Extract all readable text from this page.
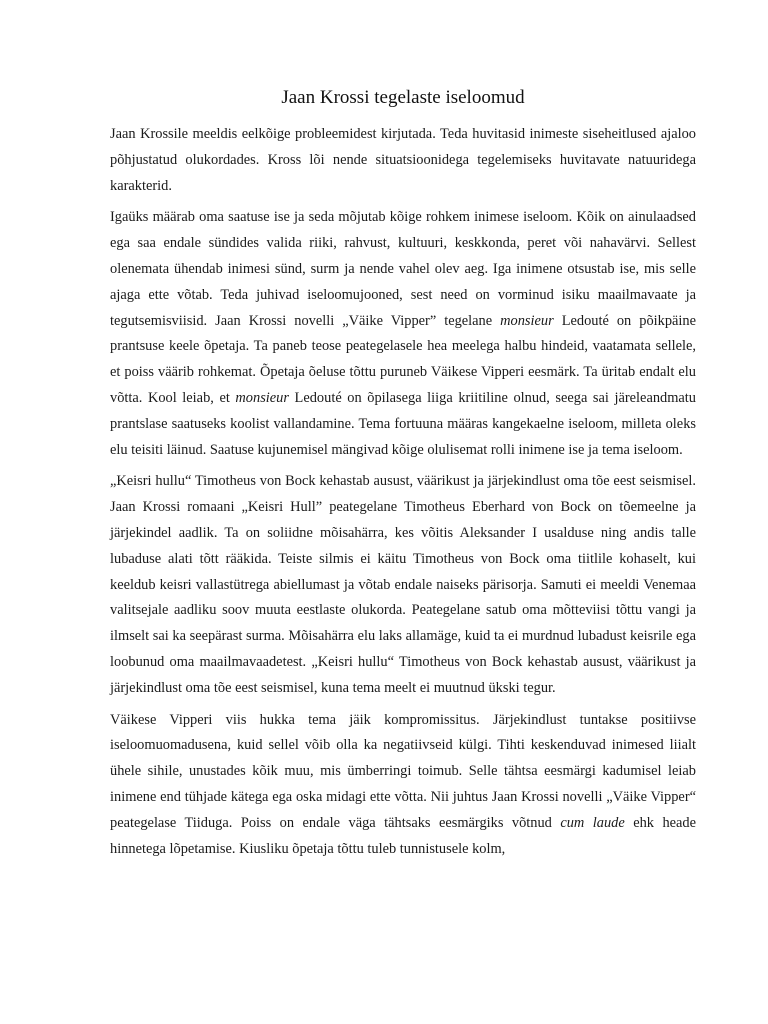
Jaan Krossi tegelaste iseloomud

Jaan Krossile meeldis eelkõige probleemidest kirjutada. Teda huvitasid inimeste siseheitlused ajaloo põhjustatud olukordades. Kross lõi nende situatsioonidega tegelemiseks huvitavate natuuridega karakterid.

Igaüks määrab oma saatuse ise ja seda mõjutab kõige rohkem inimese iseloom. Kõik on ainulaadsed ega saa endale sündides valida riiki, rahvust, kultuuri, keskkonda, peret või nahavärvi. Sellest olenemata ühendab inimesi sünd, surm ja nende vahel olev aeg. Iga inimene otsustab ise, mis selle ajaga ette võtab. Teda juhivad iseloomujooned, sest need on vorminud isiku maailmavaate ja tegutsemisviisid. Jaan Krossi novelli „Väike Vipper” tegelane monsieur Ledouté on põikpäine prantsuse keele õpetaja. Ta paneb teose peategelasele hea meelega halbu hindeid, vaatamata sellele, et poiss väärib rohkemat. Õpetaja õeluse tõttu puruneb Väikese Vipperi eesmärk. Ta üritab endalt elu võtta. Kool leiab, et monsieur Ledouté on õpilasega liiga kriitiline olnud, seega sai järeleandmatu prantslase saatuseks koolist vallandamine. Tema fortuuna määras kangekaelne iseloom, milleta oleks elu teisiti läinud. Saatuse kujunemisel mängivad kõige olulisemat rolli inimene ise ja tema iseloom.

„Keisri hullu“ Timotheus von Bock kehastab ausust, väärikust ja järjekindlust oma tõe eest seismisel. Jaan Krossi romaani „Keisri Hull” peategelane Timotheus Eberhard von Bock on tõemeelne ja järjekindel aadlik. Ta on soliidne mõisahärra, kes võitis Aleksander I usalduse ning andis talle lubaduse alati tõtt rääkida. Teiste silmis ei käitu Timotheus von Bock oma tiitlile kohaselt, kui keeldub keisri vallastütrega abiellumast ja võtab endale naiseks pärisorja. Samuti ei meeldi Venemaa valitsejale aadliku soov muuta eestlaste olukorda. Peategelane satub oma mõtteviisi tõttu vangi ja ilmselt sai ka seepärast surma. Mõisahärra elu laks allamäge, kuid ta ei murdnud lubadust keisrile ega loobunud oma maailmavaadetest. „Keisri hullu“ Timotheus von Bock kehastab ausust, väärikust ja järjekindlust oma tõe eest seismisel, kuna tema meelt ei muutnud ükski tegur.

Väikese Vipperi viis hukka tema jäik kompromissitus. Järjekindlust tuntakse positiivse iseloomuomadusena, kuid sellel võib olla ka negatiivseid külgi. Tihti keskenduvad inimesed liialt ühele sihile, unustades kõik muu, mis ümberringi toimub. Selle tähtsa eesmärgi kadumisel leiab inimene end tühjade kätega ega oska midagi ette võtta. Nii juhtus Jaan Krossi novelli „Väike Vipper“ peategelase Tiiduga. Poiss on endale väga tähtsaks eesmärgiks võtnud cum laude ehk heade hinnetega lõpetamise. Kiusliku õpetaja tõttu tuleb tunnistusele kolm,
